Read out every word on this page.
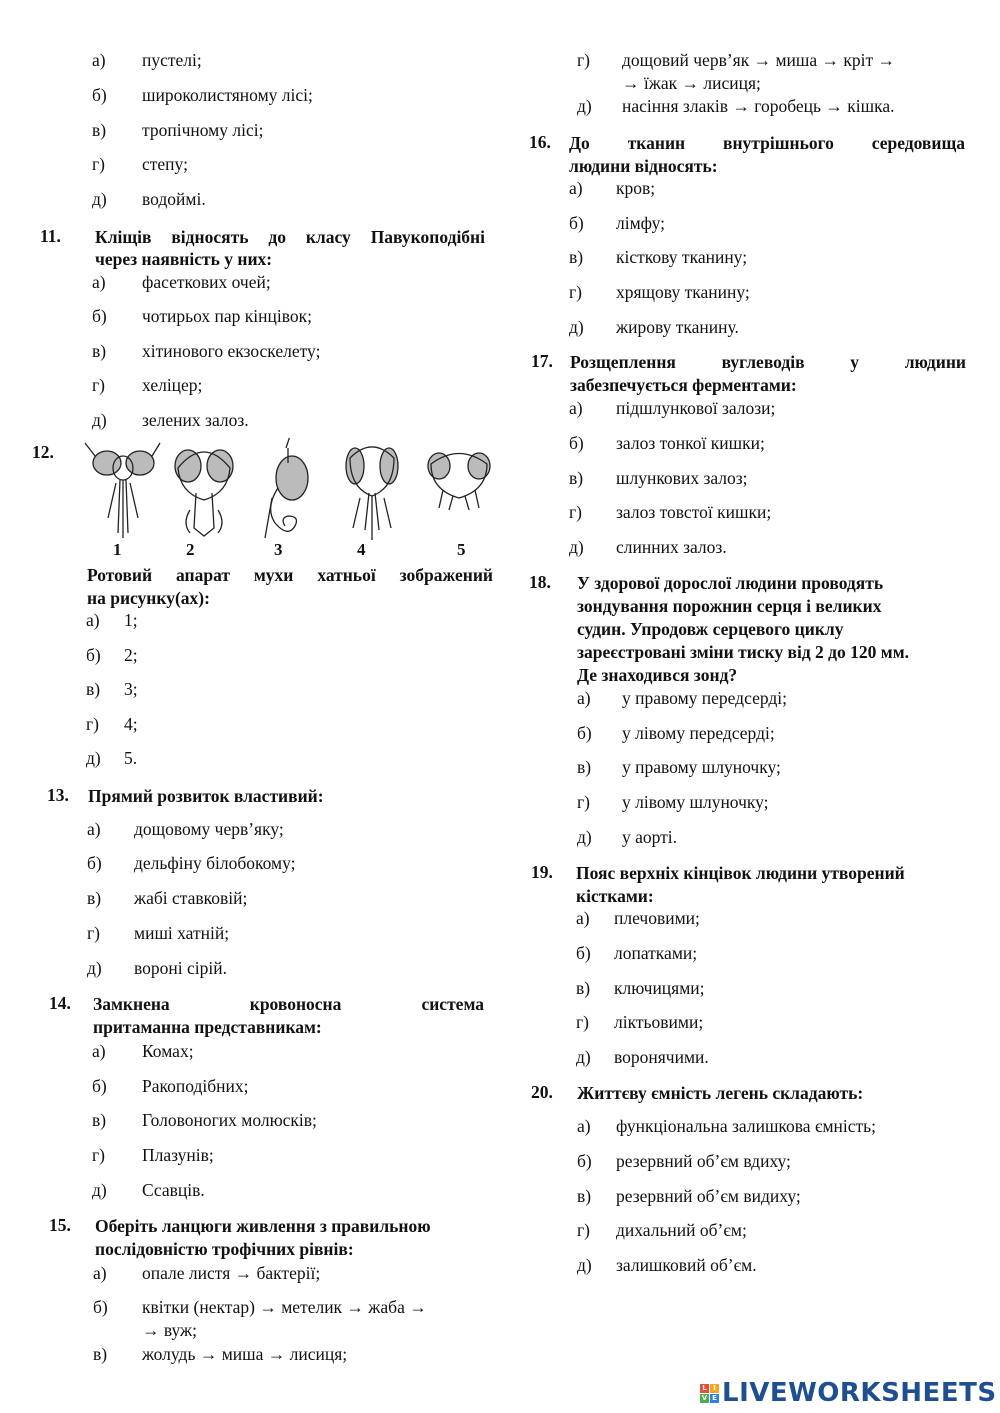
а) пустелі;
б) широколистяному лісі;
в) тропічному лісі;
г) степу;
д) водоймі.
11. Кліщів відносять до класу Павукоподібні
через наявність у них:
а) фасеткових очей;
б) чотирьох пар кінцівок;
в) хітинового екзоскелету;
г) хеліцер;
д) зелених залоз.
12.
1	2	3	4	5
Ротовий апарат мухи хатньої зображений
на рисунку(ах):
а) 1;
б) 2;
в) 3;
г) 4;
д) 5.
13. Прямий розвиток властивий:
а) дощовому черв’яку;
б) дельфіну білобокому;
в) жабі ставковій;
г) миші хатній;
д) вороні сірій.
14. Замкнена кровоносна система
притаманна представникам:
а) Комах;
б) Ракоподібних;
в) Головоногих молюсків;
г) Плазунів;
д) Ссавців.
15. Оберіть ланцюги живлення з правильною
послідовністю трофічних рівнів:
а) опале листя → бактерії;
б) квітки (нектар) → метелик → жаба →
→ вуж;
в) жолудь → миша → лисиця;
г) дощовий черв’як → миша → кріт →
→ їжак → лисиця;
д) насіння злаків → горобець → кішка.
16. До тканин внутрішнього середовища
людини відносять:
а) кров;
б) лімфу;
в) кісткову тканину;
г) хрящову тканину;
д) жирову тканину.
17. Розщеплення вуглеводів у людини
забезпечується ферментами:
а) підшлункової залози;
б) залоз тонкої кишки;
в) шлункових залоз;
г) залоз товстої кишки;
д) слинних залоз.
18. У здорової дорослої людини проводять
зондування порожнин серця і великих
судин. Упродовж серцевого циклу
зареєстровані зміни тиску від 2 до 120 мм.
Де знаходився зонд?
а) у правому передсерді;
б) у лівому передсерді;
в) у правому шлуночку;
г) у лівому шлуночку;
д) у аорті.
19. Пояс верхніх кінцівок людини утворений
кістками:
а) плечовими;
б) лопатками;
в) ключицями;
г) ліктьовими;
д) воронячими.
20. Життєву ємність легень складають:
а) функціональна залишкова ємність;
б) резервний об’єм вдиху;
в) резервний об’єм видиху;
г) дихальний об’єм;
д) залишковий об’єм.
L I
V E LIVEWORKSHEETS
